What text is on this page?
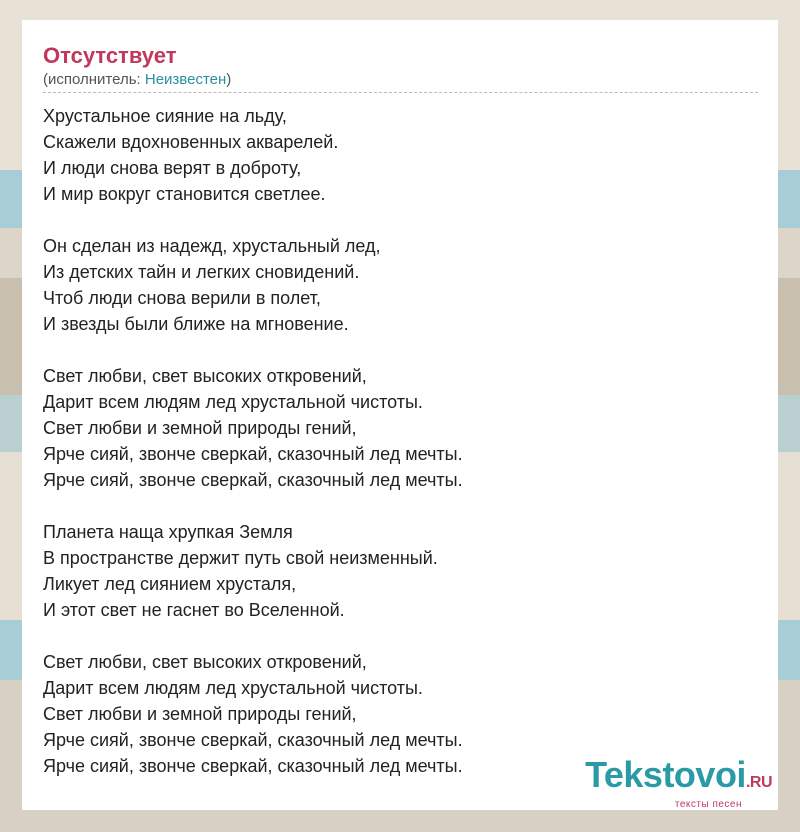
Отсутствует

(исполнитель: Неизвестен)

Хрустальное сияние на льду,
Скажели вдохновенных акварелей.
И люди снова верят в доброту,
И мир вокруг становится светлее.
Он сделан из надежд, хрустальный лед,
Из детских тайн и легких сновидений.
Чтоб люди снова верили в полет,
И звезды были ближе на мгновение.
Свет любви, свет высоких откровений,
Дарит всем людям лед хрустальной чистоты.
Свет любви и земной природы гений,
Ярче сияй, звонче сверкай, сказочный лед мечты.
Ярче сияй, звонче сверкай, сказочный лед мечты.
Планета наща хрупкая Земля
В пространстве держит путь свой неизменный.
Ликует лед сиянием хрусталя,
И этот свет не гаснет во Вселенной.
Свет любви, свет высоких откровений,
Дарит всем людям лед хрустальной чистоты.
Свет любви и земной природы гений,
Ярче сияй, звонче сверкай, сказочный лед мечты.
Ярче сияй, звонче сверкай, сказочный лед мечты.	Tekstovoi.RU
тексты песен
